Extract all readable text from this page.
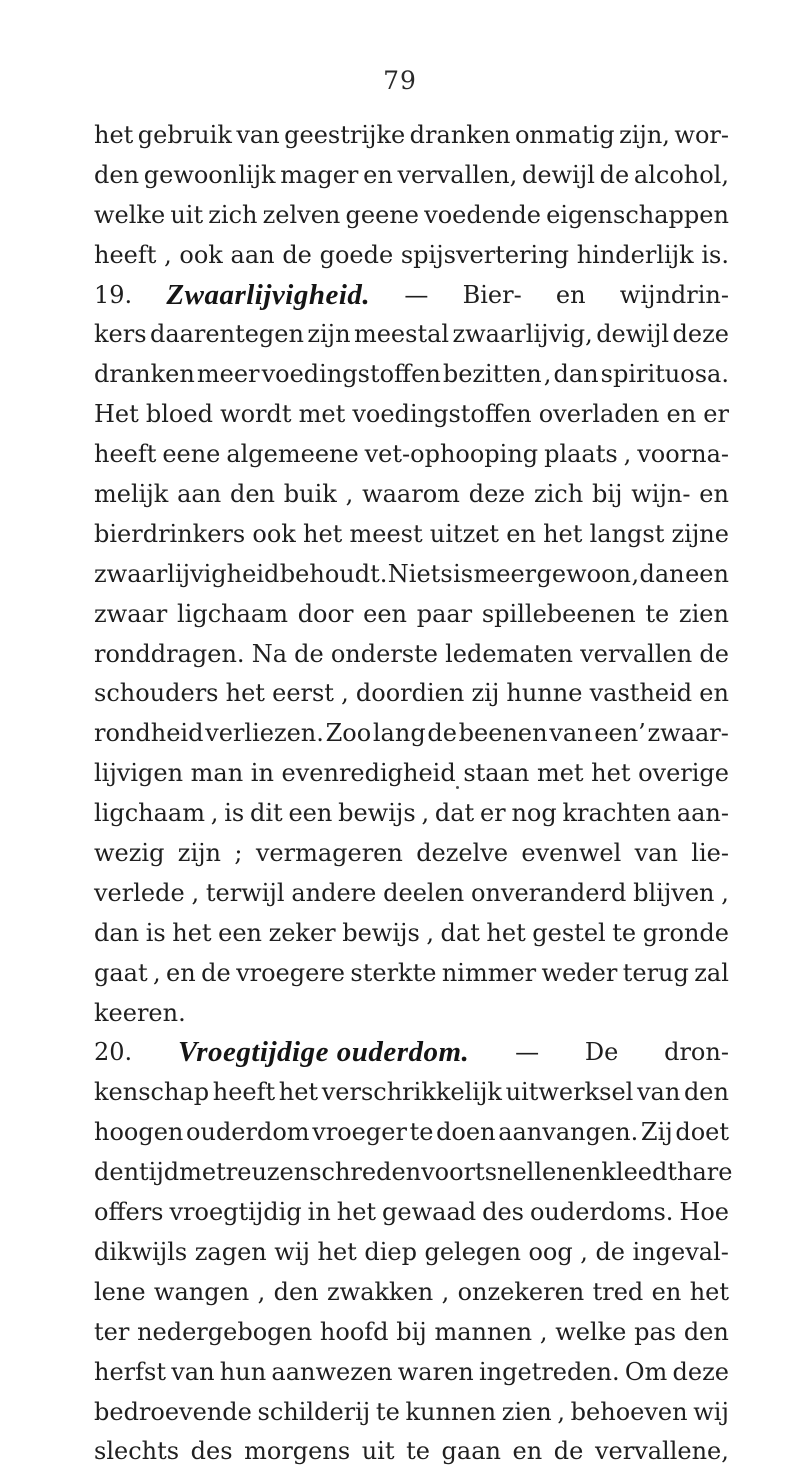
79
het gebruik van geestrijke dranken onmatig zijn, wor-
den gewoonlijk mager en vervallen, dewijl de alcohol,
welke uit zich zelven geene voedende eigenschappen
heeft , ook aan de goede spijsvertering hinderlijk is.
19. Zwaarlijvigheid. — Bier- en wijndrin-
kers daarentegen zijn meestal zwaarlijvig, dewijl deze
dranken meer voedingstoffen bezitten , dan spirituosa.
Het bloed wordt met voedingstoffen overladen en er
heeft eene algemeene vet-ophooping plaats , voorna-
melijk aan den buik , waarom deze zich bij wijn- en
bierdrinkers ook het meest uitzet en het langst zijne
zwaarlijvigheid behoudt. Niets is meer gewoon , dan een
zwaar ligchaam door een paar spillebeenen te zien
ronddragen. Na de onderste ledematen vervallen de
schouders het eerst , doordien zij hunne vastheid en
rondheid verliezen. Zoo lang de beenen van een’ zwaar-
lijvigen man in evenredigheid staan met het overige
ligchaam , is dit een bewijs , dat er nog krachten aan-
wezig zijn ; vermageren dezelve evenwel van lie-
verlede , terwijl andere deelen onveranderd blijven ,
dan is het een zeker bewijs , dat het gestel te gronde
gaat , en de vroegere sterkte nimmer weder terug zal
keeren.
20. Vroegtijdige ouderdom. — De dron-
kenschap heeft het verschrikkelijk uitwerksel van den
hoogen ouderdom vroeger te doen aanvangen. Zij doet
den tijd met reuzenschreden voortsnellen en kleedt hare
offers vroegtijdig in het gewaad des ouderdoms. Hoe
dikwijls zagen wij het diep gelegen oog , de ingeval-
lene wangen , den zwakken , onzekeren tred en het
ter nedergebogen hoofd bij mannen , welke pas den
herfst van hun aanwezen waren ingetreden. Om deze
bedroevende schilderij te kunnen zien , behoeven wij
slechts des morgens uit te gaan en de vervallene,
